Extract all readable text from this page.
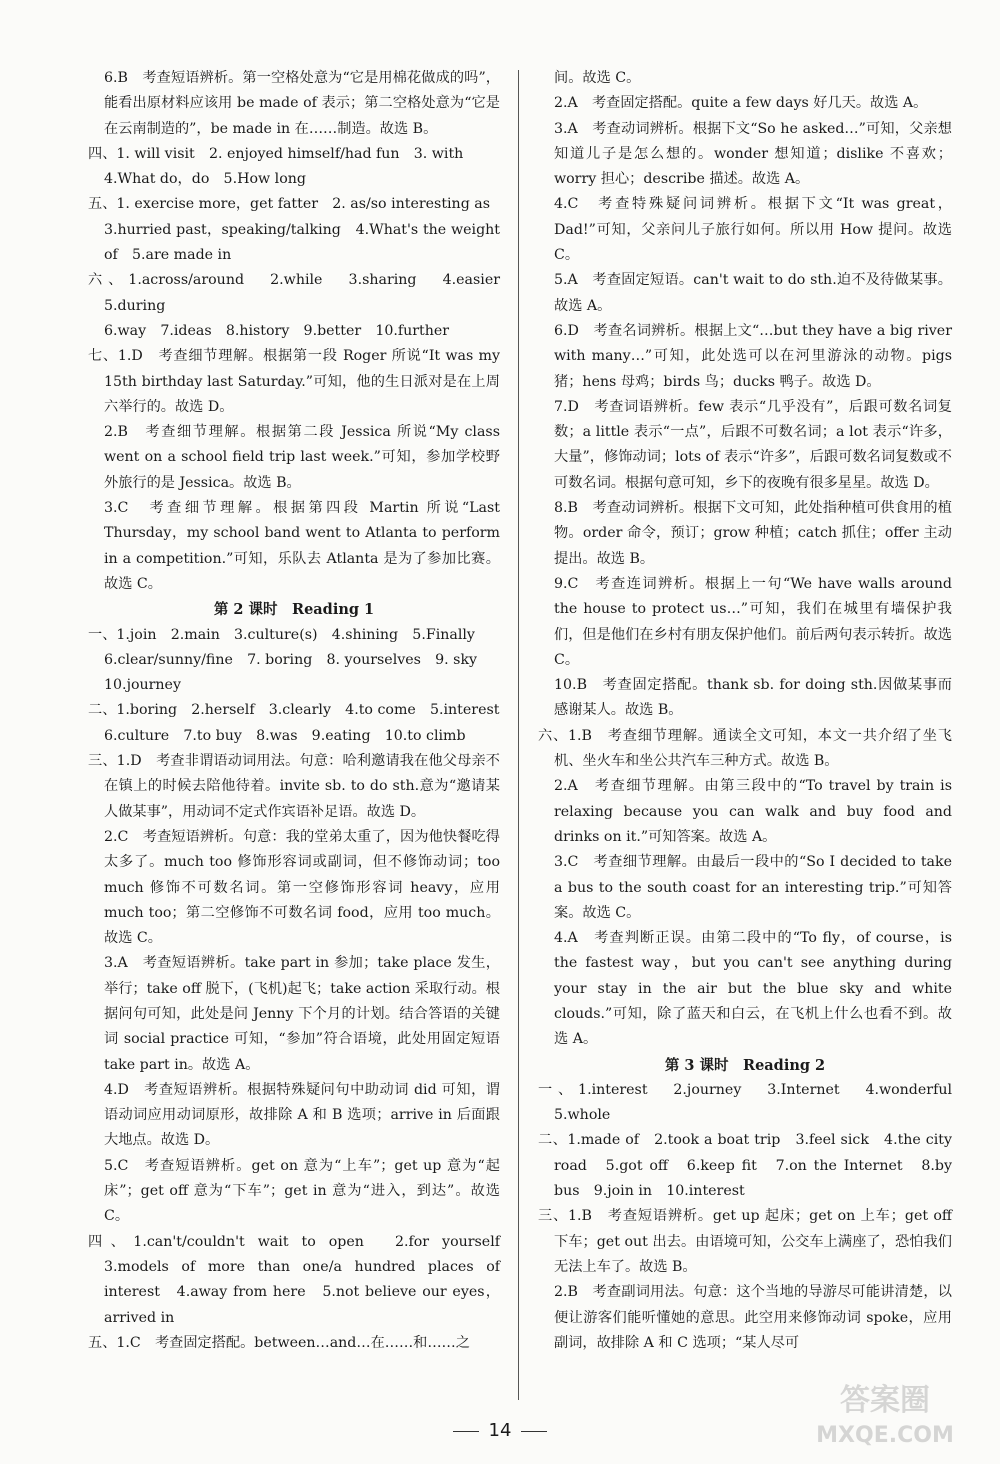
6.B　考查短语辨析。第一空格处意为“它是用棉花做成的吗”，能看出原材料应该用 be made of 表示；第二空格处意为“它是在云南制造的”，be made in 在……制造。故选 B。

四、1. will visit　2. enjoyed himself/had fun　3. with

4.What do，do　5.How long

五、1. exercise more，get fatter　2. as/so interesting as

3.hurried past，speaking/talking　4.What's the weight of　5.are made in

六、1.across/around　2.while　3.sharing　4.easier　5.during

6.way　7.ideas　8.history　9.better　10.further

七、1.D　考查细节理解。根据第一段 Roger 所说“It was my 15th birthday last Saturday.”可知，他的生日派对是在上周六举行的。故选 D。

2.B　考查细节理解。根据第二段 Jessica 所说“My class went on a school field trip last week.”可知，参加学校野外旅行的是 Jessica。故选 B。

3.C　考查细节理解。根据第四段 Martin 所说“Last Thursday，my school band went to Atlanta to perform in a competition.”可知，乐队去 Atlanta 是为了参加比赛。故选 C。

第 2 课时　Reading 1

一、1.join　2.main　3.culture(s)　4.shining　5.Finally

6.clear/sunny/fine　7. boring　8. yourselves　9. sky

10.journey

二、1.boring　2.herself　3.clearly　4.to come　5.interest

6.culture　7.to buy　8.was　9.eating　10.to climb

三、1.D　考查非谓语动词用法。句意：哈利邀请我在他父母亲不在镇上的时候去陪他待着。invite sb. to do sth.意为“邀请某人做某事”，用动词不定式作宾语补足语。故选 D。

2.C　考查短语辨析。句意：我的堂弟太重了，因为他快餐吃得太多了。much too 修饰形容词或副词，但不修饰动词；too much 修饰不可数名词。第一空修饰形容词 heavy，应用 much too；第二空修饰不可数名词 food，应用 too much。故选 C。

3.A　考查短语辨析。take part in 参加；take place 发生，举行；take off 脱下，(飞机)起飞；take action 采取行动。根据问句可知，此处是问 Jenny 下个月的计划。结合答语的关键词 social practice 可知，“参加”符合语境，此处用固定短语 take part in。故选 A。

4.D　考查短语辨析。根据特殊疑问句中助动词 did 可知，谓语动词应用动词原形，故排除 A 和 B 选项；arrive in 后面跟大地点。故选 D。

5.C　考查短语辨析。get on 意为“上车”；get up 意为“起床”；get off 意为“下车”；get in 意为“进入，到达”。故选 C。

四、1.can't/couldn't wait to open　2.for yourself　3.models of more than one/a hundred places of interest　4.away from here　5.not believe our eyes，arrived in

五、1.C　考查固定搭配。between…and…在……和……之

间。故选 C。

2.A　考查固定搭配。quite a few days 好几天。故选 A。

3.A　考查动词辨析。根据下文“So he asked…”可知，父亲想知道儿子是怎么想的。wonder 想知道；dislike 不喜欢；worry 担心；describe 描述。故选 A。

4.C　考查特殊疑问词辨析。根据下文“It was great，Dad!”可知，父亲问儿子旅行如何。所以用 How 提问。故选 C。

5.A　考查固定短语。can't wait to do sth.迫不及待做某事。故选 A。

6.D　考查名词辨析。根据上文“…but they have a big river with many…”可知，此处选可以在河里游泳的动物。pigs 猪；hens 母鸡；birds 鸟；ducks 鸭子。故选 D。

7.D　考查词语辨析。few 表示“几乎没有”，后跟可数名词复数；a little 表示“一点”，后跟不可数名词；a lot 表示“许多，大量”，修饰动词；lots of 表示“许多”，后跟可数名词复数或不可数名词。根据句意可知，乡下的夜晚有很多星星。故选 D。

8.B　考查动词辨析。根据下文可知，此处指种植可供食用的植物。order 命令，预订；grow 种植；catch 抓住；offer 主动提出。故选 B。

9.C　考查连词辨析。根据上一句“We have walls around the house to protect us…”可知，我们在城里有墙保护我们，但是他们在乡村有朋友保护他们。前后两句表示转折。故选 C。

10.B　考查固定搭配。thank sb. for doing sth.因做某事而感谢某人。故选 B。

六、1.B　考查细节理解。通读全文可知，本文一共介绍了坐飞机、坐火车和坐公共汽车三种方式。故选 B。

2.A　考查细节理解。由第三段中的“To travel by train is relaxing because you can walk and buy food and drinks on it.”可知答案。故选 A。

3.C　考查细节理解。由最后一段中的“So I decided to take a bus to the south coast for an interesting trip.”可知答案。故选 C。

4.A　考查判断正误。由第二段中的“To fly，of course，is the fastest way，but you can't see anything during your stay in the air but the blue sky and white clouds.”可知，除了蓝天和白云，在飞机上什么也看不到。故选 A。

第 3 课时　Reading 2

一、1.interest　2.journey　3.Internet　4.wonderful　5.whole

二、1.made of　2.took a boat trip　3.feel sick　4.the city road　5.got off　6.keep fit　7.on the Internet　8.by bus　9.join in　10.interest

三、1.B　考查短语辨析。get up 起床；get on 上车；get off 下车；get out 出去。由语境可知，公交车上满座了，恐怕我们无法上车了。故选 B。

2.B　考查副词用法。句意：这个当地的导游尽可能讲清楚，以便让游客们能听懂她的意思。此空用来修饰动词 spoke，应用副词，故排除 A 和 C 选项；“某人尽可

14
答案圈
MXQE.COM
